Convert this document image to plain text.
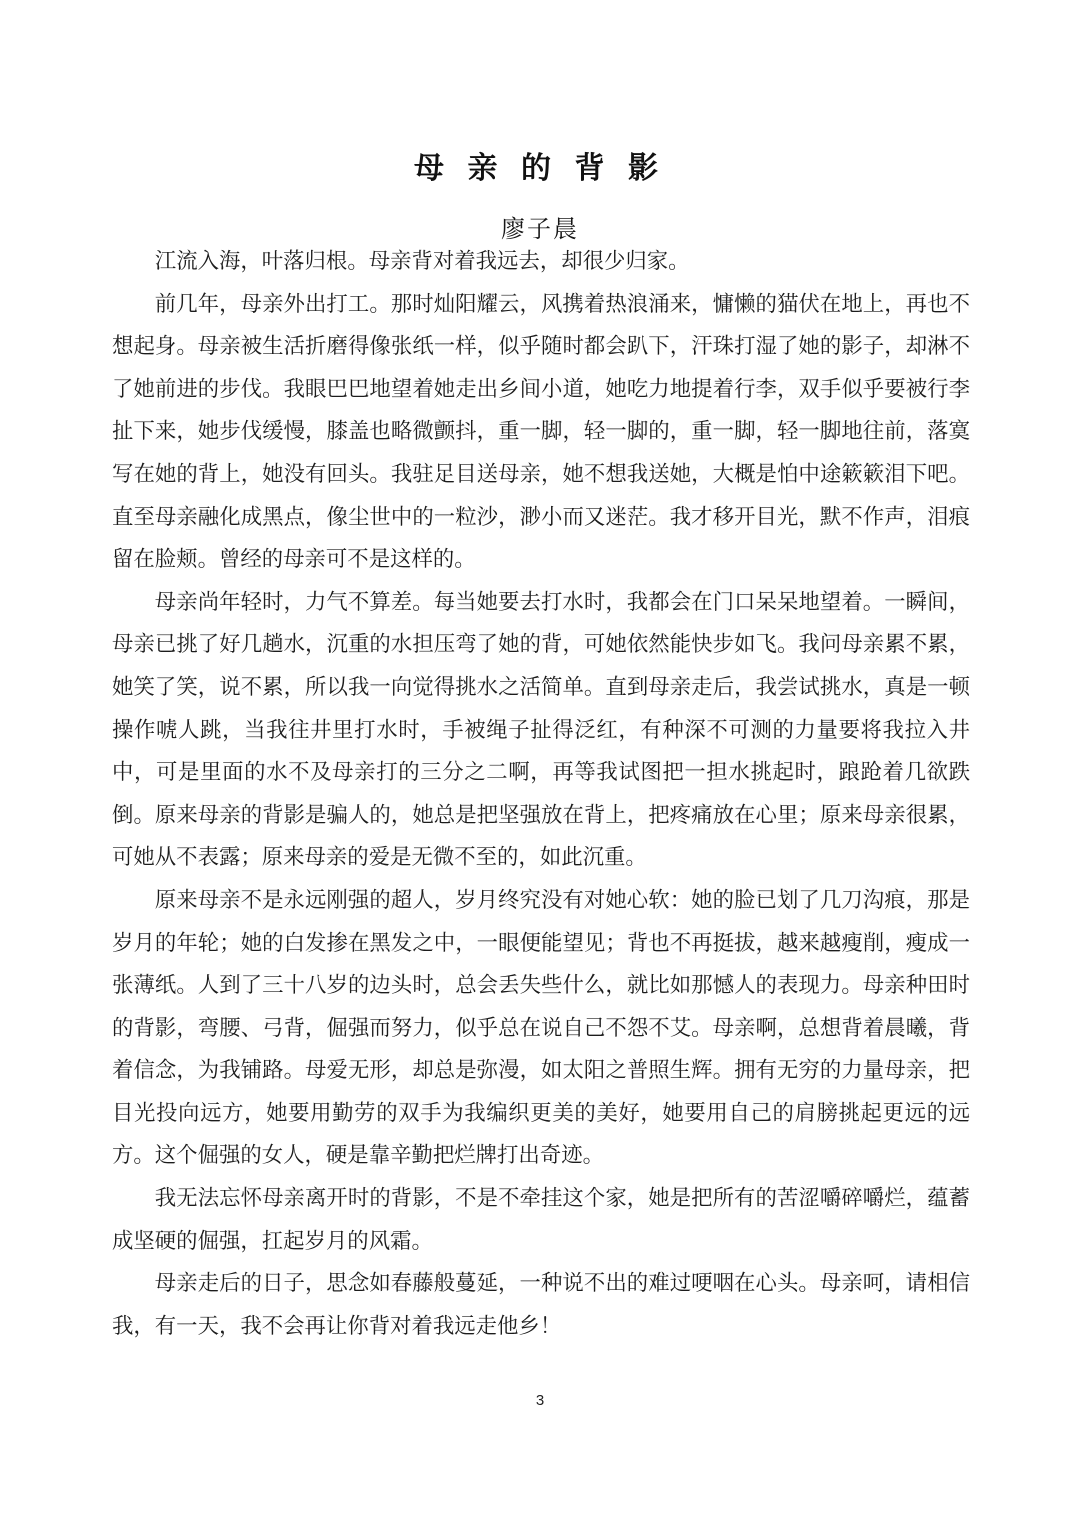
母 亲 的 背 影
廖子晨

江流入海，叶落归根。母亲背对着我远去，却很少归家。

前几年，母亲外出打工。那时灿阳耀云，风携着热浪涌来，慵懒的猫伏在地上，再也不想起身。母亲被生活折磨得像张纸一样，似乎随时都会趴下，汗珠打湿了她的影子，却淋不了她前进的步伐。我眼巴巴地望着她走出乡间小道，她吃力地提着行李，双手似乎要被行李扯下来，她步伐缓慢，膝盖也略微颤抖，重一脚，轻一脚的，重一脚，轻一脚地往前，落寞写在她的背上，她没有回头。我驻足目送母亲，她不想我送她，大概是怕中途簌簌泪下吧。直至母亲融化成黑点，像尘世中的一粒沙，渺小而又迷茫。我才移开目光，默不作声，泪痕留在脸颊。曾经的母亲可不是这样的。

母亲尚年轻时，力气不算差。每当她要去打水时，我都会在门口呆呆地望着。一瞬间，母亲已挑了好几趟水，沉重的水担压弯了她的背，可她依然能快步如飞。我问母亲累不累，她笑了笑，说不累，所以我一向觉得挑水之活简单。直到母亲走后，我尝试挑水，真是一顿操作唬人跳，当我往井里打水时，手被绳子扯得泛红，有种深不可测的力量要将我拉入井中，可是里面的水不及母亲打的三分之二啊，再等我试图把一担水挑起时，踉跄着几欲跌倒。原来母亲的背影是骗人的，她总是把坚强放在背上，把疼痛放在心里；原来母亲很累，可她从不表露；原来母亲的爱是无微不至的，如此沉重。

原来母亲不是永远刚强的超人，岁月终究没有对她心软：她的脸已划了几刀沟痕，那是岁月的年轮；她的白发掺在黑发之中，一眼便能望见；背也不再挺拔，越来越瘦削，瘦成一张薄纸。人到了三十八岁的边头时，总会丢失些什么，就比如那憾人的表现力。母亲种田时的背影，弯腰、弓背，倔强而努力，似乎总在说自己不怨不艾。母亲啊，总想背着晨曦，背着信念，为我铺路。母爱无形，却总是弥漫，如太阳之普照生辉。拥有无穷的力量母亲，把目光投向远方，她要用勤劳的双手为我编织更美的美好，她要用自己的肩膀挑起更远的远方。这个倔强的女人，硬是靠辛勤把烂牌打出奇迹。

我无法忘怀母亲离开时的背影，不是不牵挂这个家，她是把所有的苦涩嚼碎嚼烂，蕴蓄成坚硬的倔强，扛起岁月的风霜。

母亲走后的日子，思念如春藤般蔓延，一种说不出的难过哽咽在心头。母亲呵，请相信我，有一天，我不会再让你背对着我远走他乡！

3
